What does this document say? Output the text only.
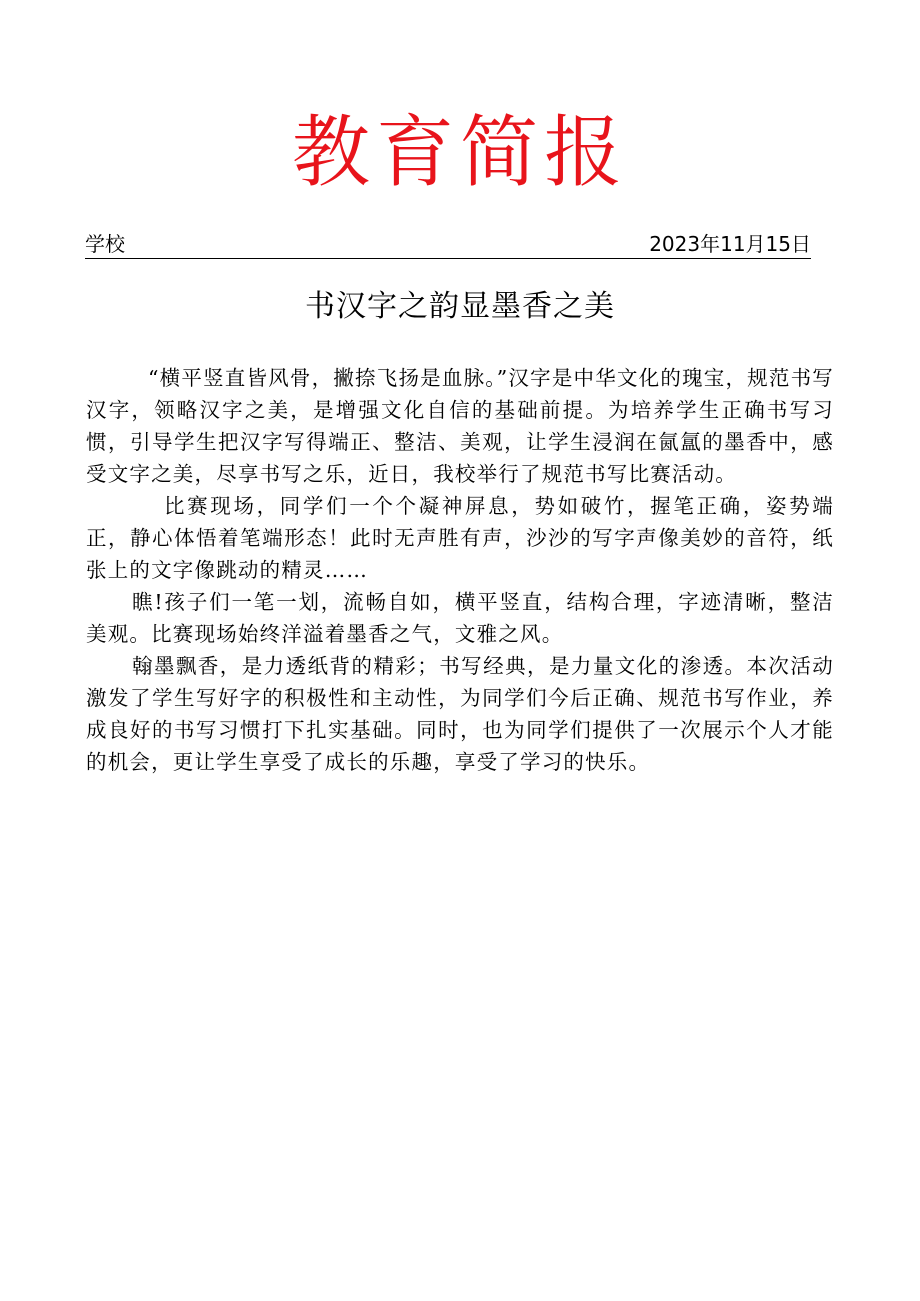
教育简报
学校	2023年11月15日
书汉字之韵显墨香之美

“横平竖直皆风骨，撇捺飞扬是血脉。”汉字是中华文化的瑰宝，规范书写汉字，领略汉字之美，是增强文化自信的基础前提。为培养学生正确书写习惯，引导学生把汉字写得端正、整洁、美观，让学生浸润在氤氲的墨香中，感受文字之美，尽享书写之乐，近日，我校举行了规范书写比赛活动。

比赛现场，同学们一个个凝神屏息，势如破竹，握笔正确，姿势端正，静心体悟着笔端形态！此时无声胜有声，沙沙的写字声像美妙的音符，纸张上的文字像跳动的精灵……

瞧!孩子们一笔一划，流畅自如，横平竖直，结构合理，字迹清晰，整洁美观。比赛现场始终洋溢着墨香之气，文雅之风。

翰墨飘香，是力透纸背的精彩；书写经典，是力量文化的渗透。本次活动激发了学生写好字的积极性和主动性，为同学们今后正确、规范书写作业，养成良好的书写习惯打下扎实基础。同时，也为同学们提供了一次展示个人才能的机会，更让学生享受了成长的乐趣，享受了学习的快乐。
